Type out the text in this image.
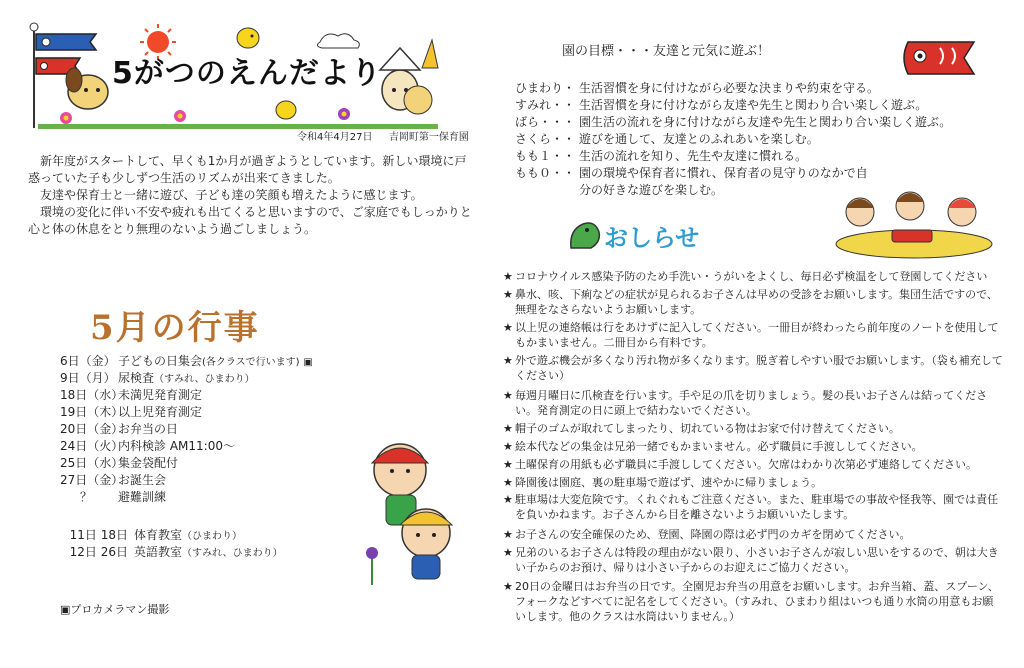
5がつのえんだより
令和4年4月27日 吉岡町第一保育園

新年度がスタートして、早くも1か月が過ぎようとしています。新しい環境に戸惑っていた子も少しずつ生活のリズムが出来てきました。

友達や保育士と一緒に遊び、子ども達の笑顔も増えたように感じます。

環境の変化に伴い不安や疲れも出てくると思いますので、ご家庭でもしっかりと心と体の休息をとり無理のないよう過ごしましょう。

5月の行事
6日（金） 子どもの日集会(各クラスで行います) ▣
9日（月） 尿検査（すみれ、ひまわり）
18日（水）未満児発育測定
19日（木）以上児発育測定
20日（金）お弁当の日
24日（火）内科検診 AM11:00～
25日（水）集金袋配付
27日（金）お誕生会
？ 避難訓練
11日 18日 体育教室（ひまわり）
12日 26日 英語教室（すみれ、ひまわり）
▣プロカメラマン撮影
園の目標・・・友達と元気に遊ぶ！
ひまわり・ 生活習慣を身に付けながら必要な決まりや約束を守る。
すみれ・・ 生活習慣を身に付けながら友達や先生と関わり合い楽しく遊ぶ。
ばら・・・ 園生活の流れを身に付けながら友達や先生と関わり合い楽しく遊ぶ。
さくら・・ 遊びを通して、友達とのふれあいを楽しむ。
もも１・・ 生活の流れを知り、先生や友達に慣れる。
もも０・・ 園の環境や保育者に慣れ、保育者の見守りのなかで自分の好きな遊びを楽しむ。
おしらせ
★ コロナウイルス感染予防のため手洗い・うがいをよくし、毎日必ず検温をして登園してください
★ 鼻水、咳、下痢などの症状が見られるお子さんは早めの受診をお願いします。集団生活ですので、無理をなさらないようお願いします。
★ 以上児の連絡帳は行をあけずに記入してください。一冊目が終わったら前年度のノートを使用してもかまいません。二冊目から有料です。
★ 外で遊ぶ機会が多くなり汚れ物が多くなります。脱ぎ着しやすい服でお願いします。（袋も補充してください）
★ 毎週月曜日に爪検査を行います。手や足の爪を切りましょう。髪の長いお子さんは結ってください。発育測定の日に頭上で結わないでください。
★ 帽子のゴムが取れてしまったり、切れている物はお家で付け替えてください。
★ 絵本代などの集金は兄弟一緒でもかまいません。必ず職員に手渡ししてください。
★ 土曜保育の用紙も必ず職員に手渡ししてください。欠席はわかり次第必ず連絡してください。
★ 降園後は園庭、裏の駐車場で遊ばず、速やかに帰りましょう。
★ 駐車場は大変危険です。くれぐれもご注意ください。また、駐車場での事故や怪我等、園では責任を負いかねます。お子さんから目を離さないようお願いいたします。
★ お子さんの安全確保のため、登園、降園の際は必ず門のカギを閉めてください。
★ 兄弟のいるお子さんは特段の理由がない限り、小さいお子さんが寂しい思いをするので、朝は大きい子からのお預け、帰りは小さい子からのお迎えにご協力ください。
★ 20日の金曜日はお弁当の日です。全園児お弁当の用意をお願いします。お弁当箱、蓋、スプーン、フォークなどすべてに記名をしてください。（すみれ、ひまわり組はいつも通り水筒の用意もお願いします。他のクラスは水筒はいりません。）
